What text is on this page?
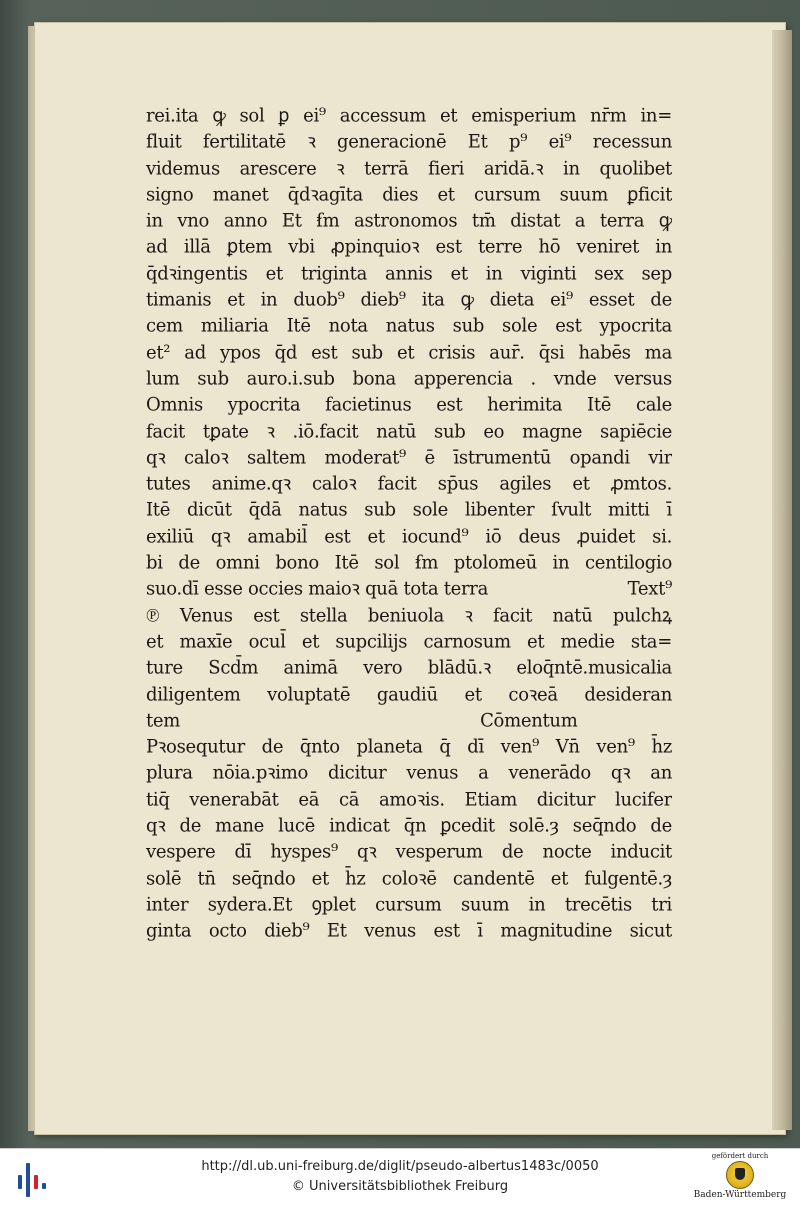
rei.ita ꝙ sol ꝑ ei⁹ accessum et emisperium nr̄m in=
fluit fertilitatē ꝛ generacionē Et p⁹ ei⁹ recessun
videmus arescere ꝛ terrā fieri aridā.ꝛ in quolibet
signo manet q̄dꝛagīta dies et cursum suum ꝑficit
in vno anno Et ẜm astronomos tm̄ distat a terra ꝙ
ad illā ꝑtem vbi ꝓpinquioꝛ est terre hō veniret in
q̄dꝛingentis et triginta annis et in viginti sex sep
timanis et in duob⁹ dieb⁹ ita ꝙ dieta ei⁹ esset de
cem miliaria Itē nota natus sub sole est ypocrita
et² ad ypos q̄d est sub et crisis aur̄. q̄si habēs ma
lum sub auro.i.sub bona apperencia . vnde versus
Omnis ypocrita facietinus est herimita Itē cale
facit tꝑate ꝛ .iō.facit natū sub eo magne sapiēcie
qꝛ caloꝛ saltem moderat⁹ ē īstrumentū opandi vir
tutes anime.qꝛ caloꝛ facit sp̄us agiles et ꝓmtos.
Itē dicūt q̄dā natus sub sole libenter ſvult mitti ī
exiliū qꝛ amabil̄ est et iocund⁹ iō deus ꝓuidet si.
bi de omni bono Itē sol ẜm ptolomeū in centilogio
suo.dī esse occies maioꝛ quā tota terra	Text⁹
℗ Venus est stella beniuola ꝛ facit natū pulchꝝ
et maxīe ocul̄ et supcilijs carnosum et medie sta=
ture Scd̄m animā vero blādū.ꝛ eloq̄ntē.musicalia
diligentem voluptatē gaudiū et coꝛeā desideran
tem	Cōmentum
Pꝛosequtur de q̄nto planeta q̄ dī ven⁹ Vn̄ ven⁹ h̄z
plura nōia.pꝛimo dicitur venus a venerādo qꝛ an
tiq̄ venerabāt eā cā amoꝛis. Etiam dicitur lucifer
qꝛ de mane lucē indicat q̄n ꝑcedit solē.ȝ seq̄ndo de
vespere dī hyspes⁹ qꝛ vesperum de nocte inducit
solē tn̄ seq̄ndo et h̄z coloꝛē candentē et fulgentē.ȝ
inter sydera.Et ꝯplet cursum suum in trecētis tri
ginta octo dieb⁹ Et venus est ī magnitudine sicut
http://dl.ub.uni-freiburg.de/diglit/pseudo-albertus1483c/0050
© Universitätsbibliothek Freiburg
gefördert durch
Baden-Württemberg
